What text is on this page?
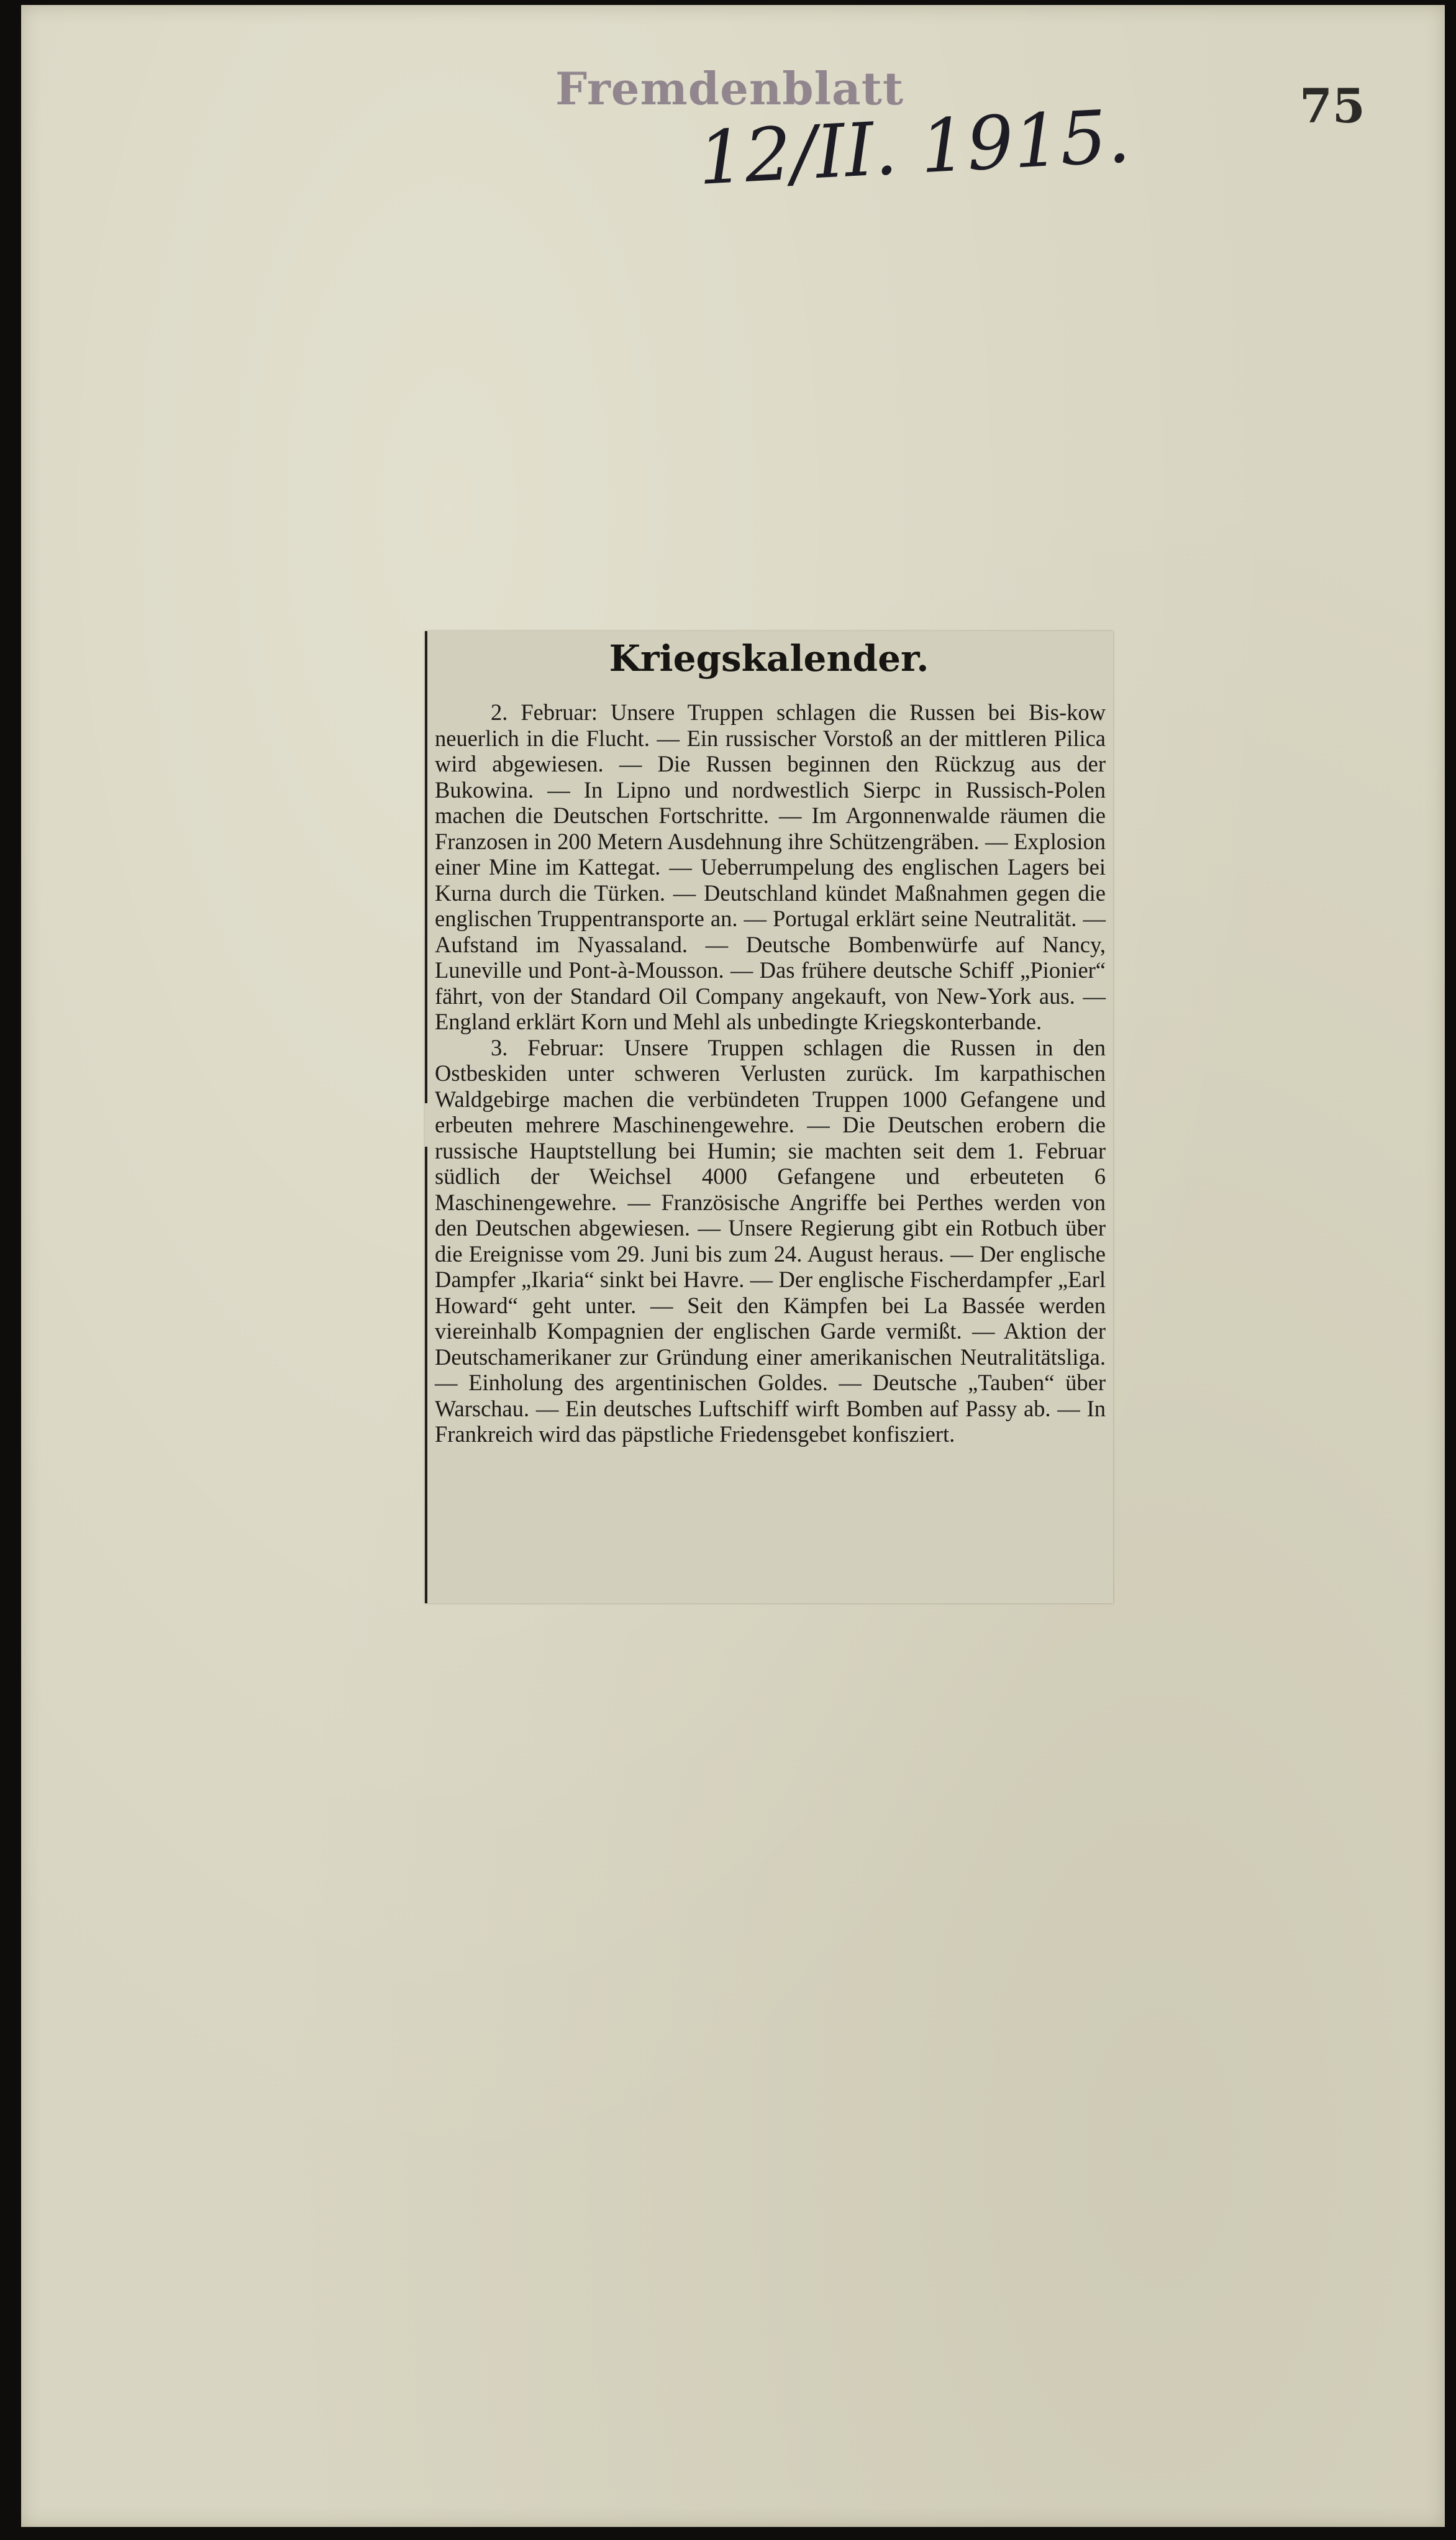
Fremdenblatt	75
12/II. 1915.
Kriegskalender.

2. Februar: Unsere Truppen schlagen die Russen bei Bis-kow neuerlich in die Flucht. — Ein russischer Vorstoß an der mittleren Pilica wird abgewiesen. — Die Russen beginnen den Rückzug aus der Bukowina. — In Lipno und nordwestlich Sierpc in Russisch-Polen machen die Deutschen Fortschritte. — Im Argonnenwalde räumen die Franzosen in 200 Metern Ausdehnung ihre Schützengräben. — Explosion einer Mine im Kattegat. — Ueberrumpelung des englischen Lagers bei Kurna durch die Türken. — Deutschland kündet Maßnahmen gegen die englischen Truppentransporte an. — Portugal erklärt seine Neutralität. — Aufstand im Nyassaland. — Deutsche Bombenwürfe auf Nancy, Luneville und Pont-à-Mousson. — Das frühere deutsche Schiff „Pionier“ fährt, von der Standard Oil Company angekauft, von New-York aus. — England erklärt Korn und Mehl als unbedingte Kriegskonterbande.

3. Februar: Unsere Truppen schlagen die Russen in den Ostbeskiden unter schweren Verlusten zurück. Im karpathischen Waldgebirge machen die verbündeten Truppen 1000 Gefangene und erbeuten mehrere Maschinengewehre. — Die Deutschen erobern die russische Hauptstellung bei Humin; sie machten seit dem 1. Februar südlich der Weichsel 4000 Gefangene und erbeuteten 6 Maschinengewehre. — Französische Angriffe bei Perthes werden von den Deutschen abgewiesen. — Unsere Regierung gibt ein Rotbuch über die Ereignisse vom 29. Juni bis zum 24. August heraus. — Der englische Dampfer „Ikaria“ sinkt bei Havre. — Der englische Fischerdampfer „Earl Howard“ geht unter. — Seit den Kämpfen bei La Bassée werden viereinhalb Kompagnien der englischen Garde vermißt. — Aktion der Deutschamerikaner zur Gründung einer amerikanischen Neutralitätsliga. — Einholung des argentinischen Goldes. — Deutsche „Tauben“ über Warschau. — Ein deutsches Luftschiff wirft Bomben auf Passy ab. — In Frankreich wird das päpstliche Friedensgebet konfisziert.
